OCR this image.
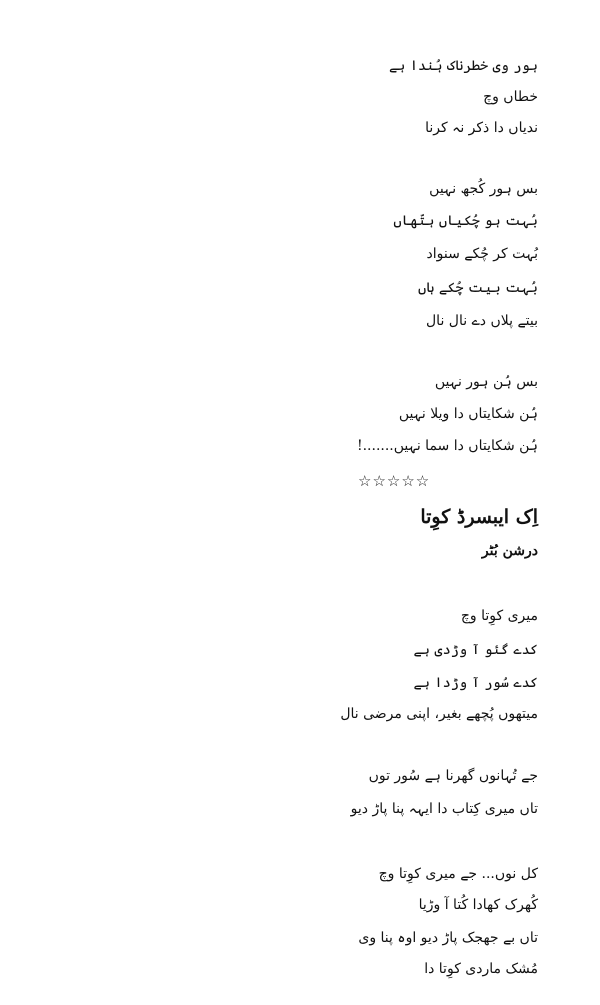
ہور وی خطرناک ہُندا ہے
خطاں وچ
ندیاں دا ذکر نہ کرنا
بس ہور کُجھ نہیں
بُہت ہو چُکیاں ہتّھاں
بُہت کر چُکے سنواد
بُہت بیت چُکے ہاں
بیتے پلاں دے نال نال
بس ہُن ہور نہیں
ہُن شکایتاں دا ویلا نہیں
ہُن شکایتاں دا سما نہیں.......!
☆☆☆☆☆
اِک ایبسرڈ کوِتا
درشن بُٹر
میری کوِتا وچ
کدے گئو آ وڑدی ہے
کدے سُور آ وڑدا ہے
میتھوں پُچھے بغیر، اپنی مرضی نال
جے تُہانوں گھرنا ہے سُور توں
تاں میری کِتاب دا ایہہ پنا پاڑ دیو
کل نوں... جے میری کوِتا وچ
کُھرک کھادا کُتا آ وڑیا
تاں بے جھجک پاڑ دیو اوہ پنا وی
مُشک ماردی کوِتا دا
